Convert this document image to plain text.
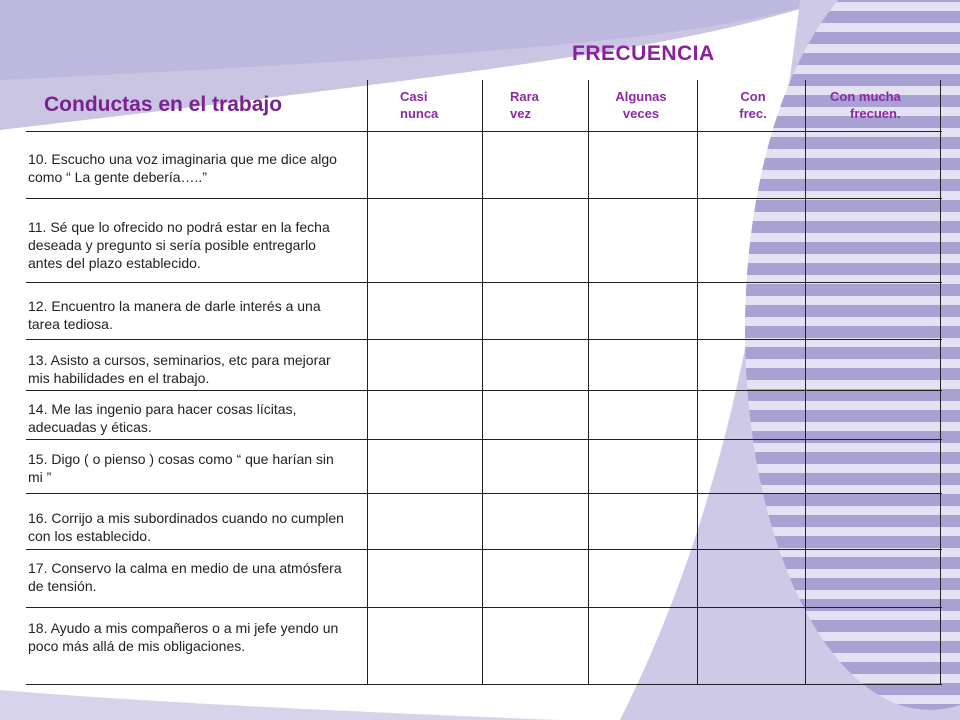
FRECUENCIA
Conductas en el trabajo	Casi
nunca
Rara
vez
Algunas
veces
Con
frec.
Con mucha
frecuen.
10. Escucho una voz imaginaria que me dice algo como “ La gente debería…..”
11. Sé que lo ofrecido no podrá estar en la fecha deseada y pregunto si sería posible entregarlo antes del plazo establecido.
12. Encuentro la manera de darle interés a una tarea tediosa.
13. Asisto a cursos, seminarios, etc para mejorar mis habilidades en el trabajo.
14. Me las ingenio para hacer cosas lícitas, adecuadas y éticas.
15. Digo ( o pienso ) cosas como “ que harían sin mi ”
16. Corrijo a mis subordinados cuando no cumplen con los establecido.
17. Conservo la calma en medio de una atmósfera de tensión.
18. Ayudo a mis compañeros o a mi jefe yendo un poco más allá de mis obligaciones.
